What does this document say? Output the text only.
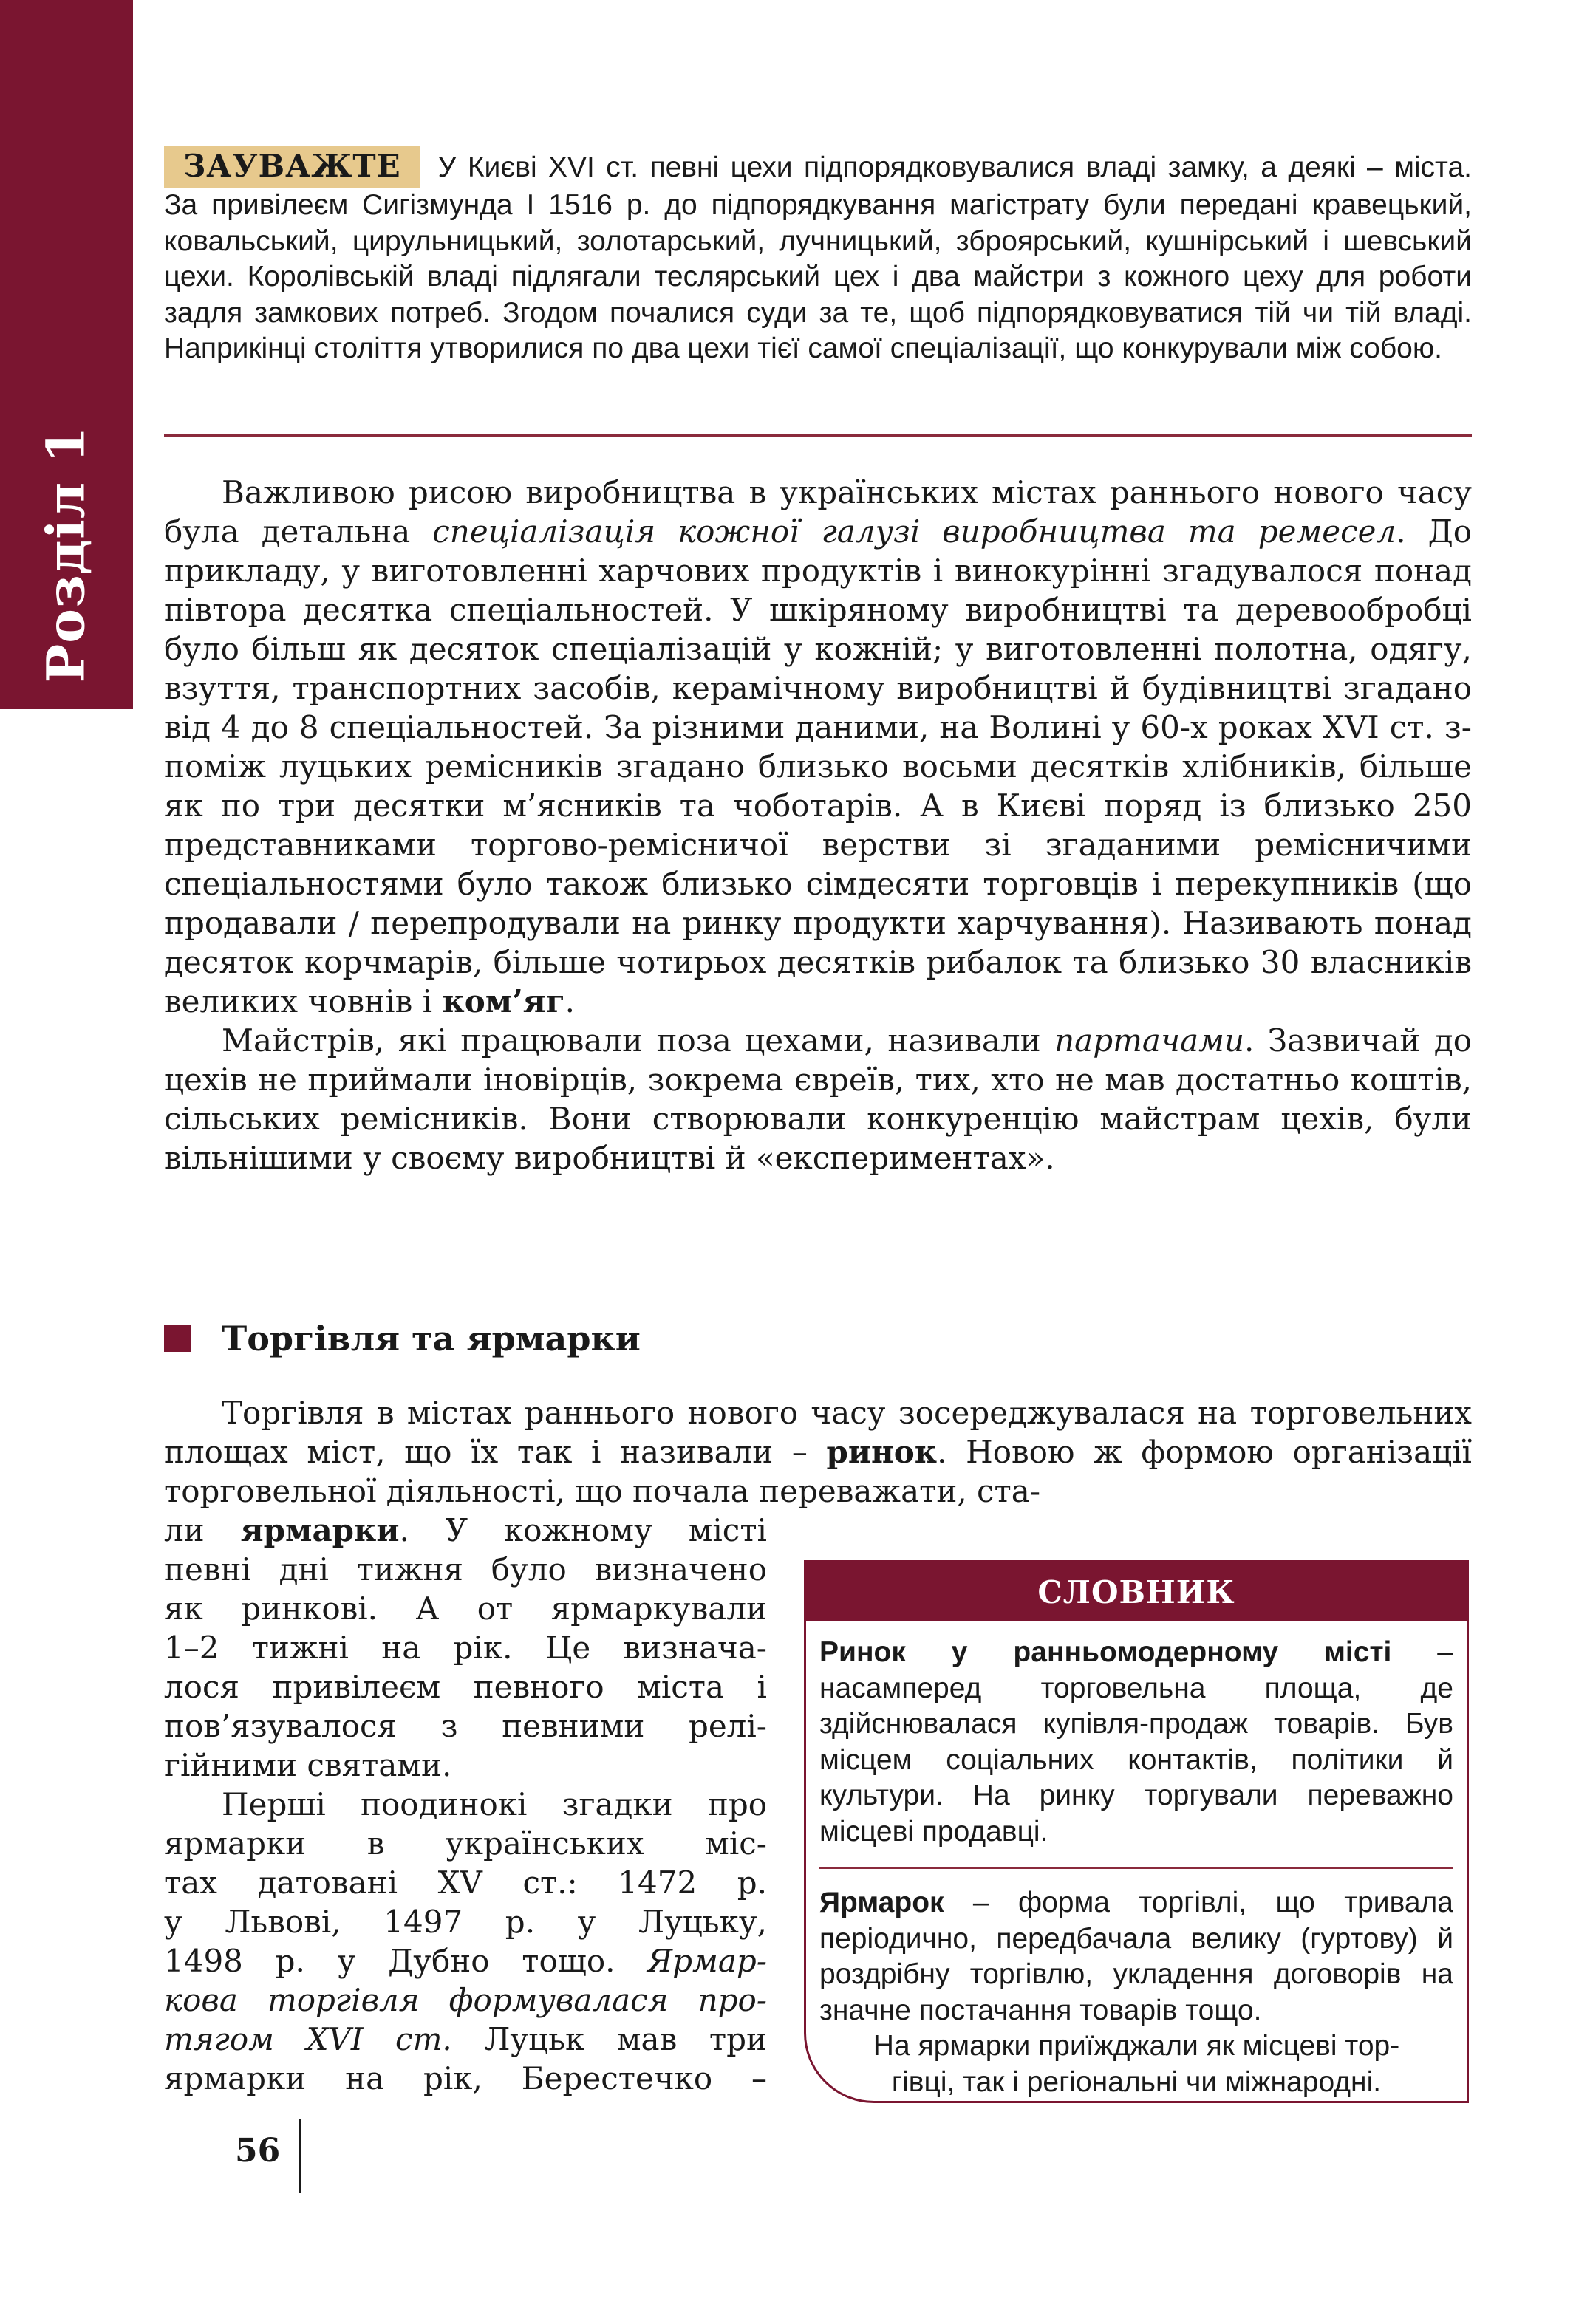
Розділ 1
ЗАУВАЖТЕ У Києві XVI ст. певні цехи підпорядковувалися владі замку, а деякі – міста. За привілеєм Сигізмунда І 1516 р. до підпорядкування магістрату були передані кравецький, ковальський, цирульницький, золотарський, лучницький, зброярський, кушнірський і шевський цехи. Королівській владі підлягали теслярський цех і два майстри з кожного цеху для роботи задля замкових потреб. Згодом почалися суди за те, щоб підпорядковуватися тій чи тій владі. Наприкінці століття утворилися по два цехи тієї самої спеціалізації, що конкурували між собою.

Важливою рисою виробництва в українських містах раннього нового часу була детальна спеціалізація кожної галузі виробництва та ремесел. До прикладу, у виготовленні харчових продуктів і винокурінні згадувалося понад півтора десятка спеціальностей. У шкіряному виробництві та деревообробці було більш як десяток спеціалізацій у кожній; у виготовленні полотна, одягу, взуття, транспортних засобів, керамічному виробництві й будівництві згадано від 4 до 8 спеціальностей. За різними даними, на Волині у 60-х роках XVI ст. з-поміж луцьких ремісників згадано близько восьми десятків хлібників, більше як по три десятки м’ясників та чоботарів. А в Києві поряд із близько 250 представниками торгово-ремісничої верстви зі згаданими ремісничими спеціальностями було також близько сімдесяти торговців і перекупників (що продавали / перепродували на ринку продукти харчування). Називають понад десяток корчмарів, більше чотирьох десятків рибалок та близько 30 власників великих човнів і ком’яг.

Майстрів, які працювали поза цехами, називали партачами. Зазвичай до цехів не приймали іновірців, зокрема євреїв, тих, хто не мав достатньо коштів, сільських ремісників. Вони створювали конкуренцію майстрам цехів, були вільнішими у своєму виробництві й «експериментах».

Торгівля та ярмарки

Торгівля в містах раннього нового часу зосереджувалася на торговельних площах міст, що їх так і називали – ринок. Новою ж формою організації торговельної діяльності, що почала переважати, ста-

ли ярмарки. У кожному місті
певні дні тижня було визначено
як ринкові. А от ярмаркували
1–2 тижні на рік. Це визнача-
лося привілеєм певного міста і
пов’язувалося з певними релі-
гійними святами.
Перші поодинокі згадки про
ярмарки в українських міс-
тах датовані XV ст.: 1472 р.
у Львові, 1497 р. у Луцьку,
1498 р. у Дубно тощо. Ярмар-
кова торгівля формувалася про-
тягом XVI ст. Луцьк мав три
ярмарки на рік, Берестечко –
СЛОВНИК
Ринок у ранньомодерному місті – насамперед торговельна площа, де здійснювалася купівля-продаж товарів. Був місцем соціальних контактів, політики й культури. На ринку торгували переважно місцеві продавці.
Ярмарок – форма торгівлі, що тривала періодично, передбачала велику (гуртову) й роздрібну торгівлю, укладення договорів на значне постачання товарів тощо.
На ярмарки приїжджали як місцеві тор-
гівці, так і регіональні чи міжнародні.
56
